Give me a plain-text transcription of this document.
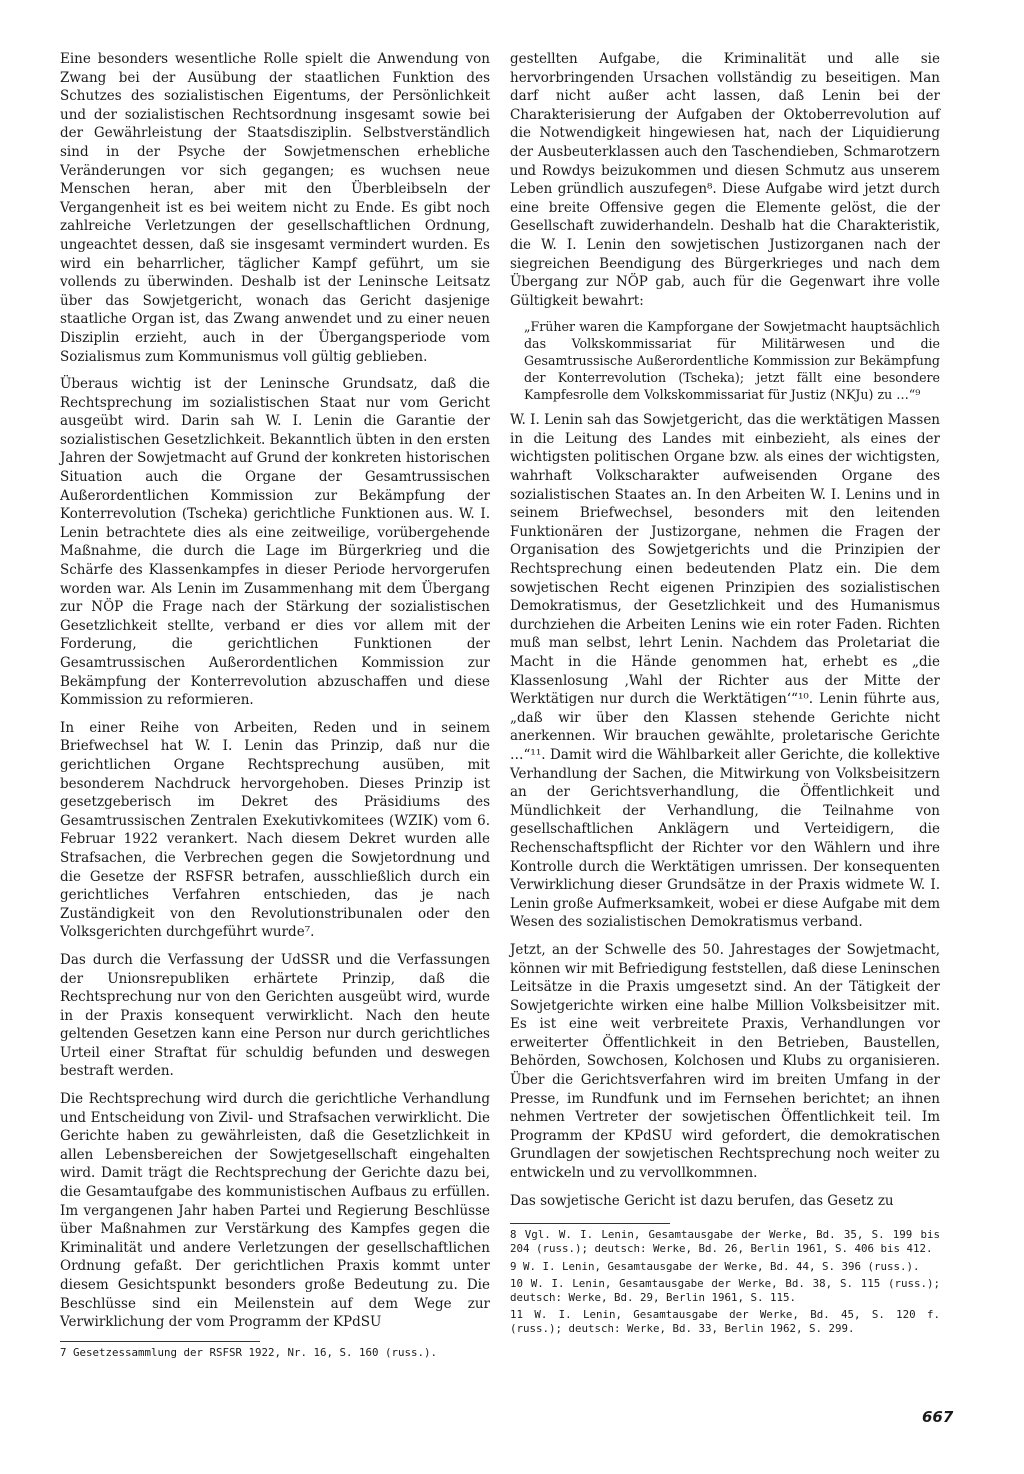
Eine besonders wesentliche Rolle spielt die Anwendung von Zwang bei der Ausübung der staatlichen Funktion des Schutzes des sozialistischen Eigentums, der Persönlichkeit und der sozialistischen Rechtsordnung insgesamt sowie bei der Gewährleistung der Staatsdisziplin. Selbstverständlich sind in der Psyche der Sowjetmenschen erhebliche Veränderungen vor sich gegangen; es wuchsen neue Menschen heran, aber mit den Überbleibseln der Vergangenheit ist es bei weitem nicht zu Ende. Es gibt noch zahlreiche Verletzungen der gesellschaftlichen Ordnung, ungeachtet dessen, daß sie insgesamt vermindert wurden. Es wird ein beharrlicher, täglicher Kampf geführt, um sie vollends zu überwinden. Deshalb ist der Leninsche Leitsatz über das Sowjetgericht, wonach das Gericht dasjenige staatliche Organ ist, das Zwang anwendet und zu einer neuen Disziplin erzieht, auch in der Übergangsperiode vom Sozialismus zum Kommunismus voll gültig geblieben.

Überaus wichtig ist der Leninsche Grundsatz, daß die Rechtsprechung im sozialistischen Staat nur vom Gericht ausgeübt wird. Darin sah W. I. Lenin die Garantie der sozialistischen Gesetzlichkeit. Bekanntlich übten in den ersten Jahren der Sowjetmacht auf Grund der konkreten historischen Situation auch die Organe der Gesamtrussischen Außerordentlichen Kommission zur Bekämpfung der Konterrevolution (Tscheka) gerichtliche Funktionen aus. W. I. Lenin betrachtete dies als eine zeitweilige, vorübergehende Maßnahme, die durch die Lage im Bürgerkrieg und die Schärfe des Klassenkampfes in dieser Periode hervorgerufen worden war. Als Lenin im Zusammenhang mit dem Übergang zur NÖP die Frage nach der Stärkung der sozialistischen Gesetzlichkeit stellte, verband er dies vor allem mit der Forderung, die gerichtlichen Funktionen der Gesamtrussischen Außerordentlichen Kommission zur Bekämpfung der Konterrevolution abzuschaffen und diese Kommission zu reformieren.

In einer Reihe von Arbeiten, Reden und in seinem Briefwechsel hat W. I. Lenin das Prinzip, daß nur die gerichtlichen Organe Rechtsprechung ausüben, mit besonderem Nachdruck hervorgehoben. Dieses Prinzip ist gesetzgeberisch im Dekret des Präsidiums des Gesamtrussischen Zentralen Exekutivkomitees (WZIK) vom 6. Februar 1922 verankert. Nach diesem Dekret wurden alle Strafsachen, die Verbrechen gegen die Sowjetordnung und die Gesetze der RSFSR betrafen, ausschließlich durch ein gerichtliches Verfahren entschieden, das je nach Zuständigkeit von den Revolutionstribunalen oder den Volksgerichten durchgeführt wurde⁷.

Das durch die Verfassung der UdSSR und die Verfassungen der Unionsrepubliken erhärtete Prinzip, daß die Rechtsprechung nur von den Gerichten ausgeübt wird, wurde in der Praxis konsequent verwirklicht. Nach den heute geltenden Gesetzen kann eine Person nur durch gerichtliches Urteil einer Straftat für schuldig befunden und deswegen bestraft werden.

Die Rechtsprechung wird durch die gerichtliche Verhandlung und Entscheidung von Zivil- und Strafsachen verwirklicht. Die Gerichte haben zu gewährleisten, daß die Gesetzlichkeit in allen Lebensbereichen der Sowjetgesellschaft eingehalten wird. Damit trägt die Rechtsprechung der Gerichte dazu bei, die Gesamtaufgabe des kommunistischen Aufbaus zu erfüllen. Im vergangenen Jahr haben Partei und Regierung Beschlüsse über Maßnahmen zur Verstärkung des Kampfes gegen die Kriminalität und andere Verletzungen der gesellschaftlichen Ordnung gefaßt. Der gerichtlichen Praxis kommt unter diesem Gesichtspunkt besonders große Bedeutung zu. Die Beschlüsse sind ein Meilenstein auf dem Wege zur Verwirklichung der vom Programm der KPdSU

7 Gesetzessammlung der RSFSR 1922, Nr. 16, S. 160 (russ.).

gestellten Aufgabe, die Kriminalität und alle sie hervorbringenden Ursachen vollständig zu beseitigen. Man darf nicht außer acht lassen, daß Lenin bei der Charakterisierung der Aufgaben der Oktoberrevolution auf die Notwendigkeit hingewiesen hat, nach der Liquidierung der Ausbeuterklassen auch den Taschendieben, Schmarotzern und Rowdys beizukommen und diesen Schmutz aus unserem Leben gründlich auszufegen⁸. Diese Aufgabe wird jetzt durch eine breite Offensive gegen die Elemente gelöst, die der Gesellschaft zuwiderhandeln. Deshalb hat die Charakteristik, die W. I. Lenin den sowjetischen Justizorganen nach der siegreichen Beendigung des Bürgerkrieges und nach dem Übergang zur NÖP gab, auch für die Gegenwart ihre volle Gültigkeit bewahrt:

„Früher waren die Kampforgane der Sowjetmacht hauptsächlich das Volkskommissariat für Militärwesen und die Gesamtrussische Außerordentliche Kommission zur Bekämpfung der Konterrevolution (Tscheka); jetzt fällt eine besondere Kampfesrolle dem Volkskommissariat für Justiz (NKJu) zu …“⁹

W. I. Lenin sah das Sowjetgericht, das die werktätigen Massen in die Leitung des Landes mit einbezieht, als eines der wichtigsten politischen Organe bzw. als eines der wichtigsten, wahrhaft Volkscharakter aufweisenden Organe des sozialistischen Staates an. In den Arbeiten W. I. Lenins und in seinem Briefwechsel, besonders mit den leitenden Funktionären der Justizorgane, nehmen die Fragen der Organisation des Sowjetgerichts und die Prinzipien der Rechtsprechung einen bedeutenden Platz ein. Die dem sowjetischen Recht eigenen Prinzipien des sozialistischen Demokratismus, der Gesetzlichkeit und des Humanismus durchziehen die Arbeiten Lenins wie ein roter Faden. Richten muß man selbst, lehrt Lenin. Nachdem das Proletariat die Macht in die Hände genommen hat, erhebt es „die Klassenlosung ‚Wahl der Richter aus der Mitte der Werktätigen nur durch die Werktätigen‘“¹⁰. Lenin führte aus, „daß wir über den Klassen stehende Gerichte nicht anerkennen. Wir brauchen gewählte, proletarische Gerichte …“¹¹. Damit wird die Wählbarkeit aller Gerichte, die kollektive Verhandlung der Sachen, die Mitwirkung von Volksbeisitzern an der Gerichtsverhandlung, die Öffentlichkeit und Mündlichkeit der Verhandlung, die Teilnahme von gesellschaftlichen Anklägern und Verteidigern, die Rechenschaftspflicht der Richter vor den Wählern und ihre Kontrolle durch die Werktätigen umrissen. Der konsequenten Verwirklichung dieser Grundsätze in der Praxis widmete W. I. Lenin große Aufmerksamkeit, wobei er diese Aufgabe mit dem Wesen des sozialistischen Demokratismus verband.

Jetzt, an der Schwelle des 50. Jahrestages der Sowjetmacht, können wir mit Befriedigung feststellen, daß diese Leninschen Leitsätze in die Praxis umgesetzt sind. An der Tätigkeit der Sowjetgerichte wirken eine halbe Million Volksbeisitzer mit. Es ist eine weit verbreitete Praxis, Verhandlungen vor erweiterter Öffentlichkeit in den Betrieben, Baustellen, Behörden, Sowchosen, Kolchosen und Klubs zu organisieren. Über die Gerichtsverfahren wird im breiten Umfang in der Presse, im Rundfunk und im Fernsehen berichtet; an ihnen nehmen Vertreter der sowjetischen Öffentlichkeit teil. Im Programm der KPdSU wird gefordert, die demokratischen Grundlagen der sowjetischen Rechtsprechung noch weiter zu entwickeln und zu vervollkommnen.

Das sowjetische Gericht ist dazu berufen, das Gesetz zu

8 Vgl. W. I. Lenin, Gesamtausgabe der Werke, Bd. 35, S. 199 bis 204 (russ.); deutsch: Werke, Bd. 26, Berlin 1961, S. 406 bis 412.
9 W. I. Lenin, Gesamtausgabe der Werke, Bd. 44, S. 396 (russ.).
10 W. I. Lenin, Gesamtausgabe der Werke, Bd. 38, S. 115 (russ.); deutsch: Werke, Bd. 29, Berlin 1961, S. 115.
11 W. I. Lenin, Gesamtausgabe der Werke, Bd. 45, S. 120 f. (russ.); deutsch: Werke, Bd. 33, Berlin 1962, S. 299.
667
